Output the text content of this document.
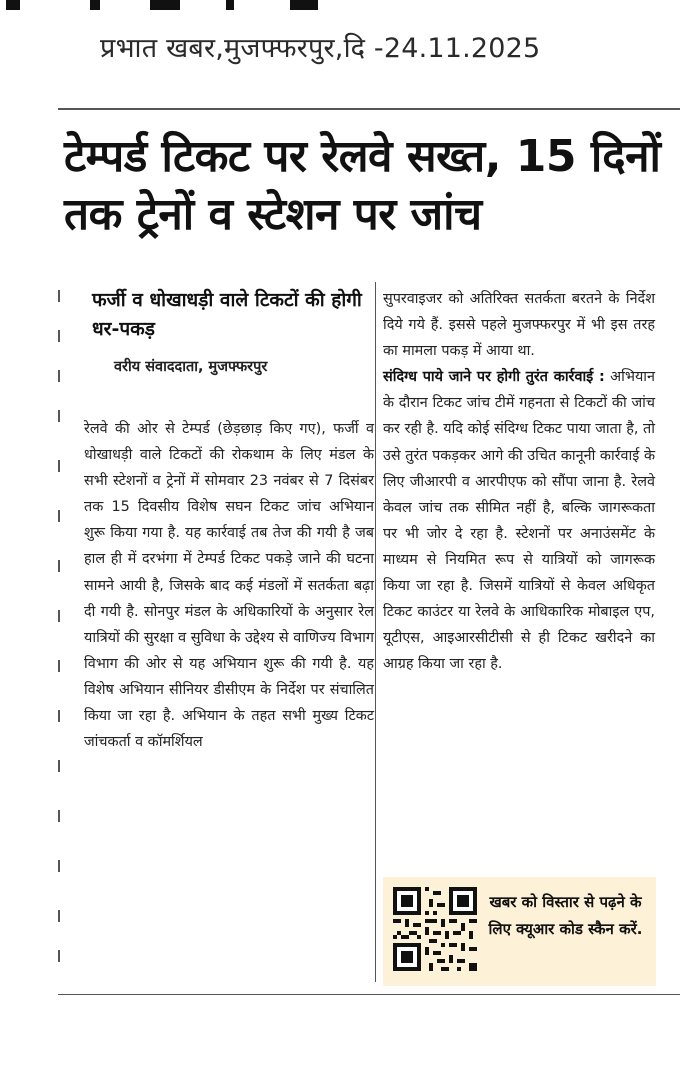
प्रभात खबर,मुजफ्फरपुर,दि -24.11.2025
टेम्पर्ड टिकट पर रेलवे सख्त, 15 दिनों तक ट्रेनों व स्टेशन पर जांच
फर्जी व धोखाधड़ी वाले टिकटों की होगी धर-पकड़
वरीय संवाददाता, मुजफ्फरपुर
रेलवे की ओर से टेम्पर्ड (छेड़छाड़ किए गए), फर्जी व धोखाधड़ी वाले टिकटों की रोकथाम के लिए मंडल के सभी स्टेशनों व ट्रेनों में सोमवार 23 नवंबर से 7 दिसंबर तक 15 दिवसीय विशेष सघन टिकट जांच अभियान शुरू किया गया है. यह कार्रवाई तब तेज की गयी है जब हाल ही में दरभंगा में टेम्पर्ड टिकट पकड़े जाने की घटना सामने आयी है, जिसके बाद कई मंडलों में सतर्कता बढ़ा दी गयी है. सोनपुर मंडल के अधिकारियों के अनुसार रेल यात्रियों की सुरक्षा व सुविधा के उद्देश्य से वाणिज्य विभाग विभाग की ओर से यह अभियान शुरू की गयी है. यह विशेष अभियान सीनियर डीसीएम के निर्देश पर संचालित किया जा रहा है. अभियान के तहत सभी मुख्य टिकट जांचकर्ता व कॉमर्शियल
सुपरवाइजर को अतिरिक्त सतर्कता बरतने के निर्देश दिये गये हैं. इससे पहले मुजफ्फरपुर में भी इस तरह का मामला पकड़ में आया था.
संदिग्ध पाये जाने पर होगी तुरंत कार्रवाई : अभियान के दौरान टिकट जांच टीमें गहनता से टिकटों की जांच कर रही है. यदि कोई संदिग्ध टिकट पाया जाता है, तो उसे तुरंत पकड़कर आगे की उचित कानूनी कार्रवाई के लिए जीआरपी व आरपीएफ को सौंपा जाना है. रेलवे केवल जांच तक सीमित नहीं है, बल्कि जागरूकता पर भी जोर दे रहा है. स्टेशनों पर अनाउंसमेंट के माध्यम से नियमित रूप से यात्रियों को जागरूक किया जा रहा है. जिसमें यात्रियों से केवल अधिकृत टिकट काउंटर या रेलवे के आधिकारिक मोबाइल एप, यूटीएस, आइआरसीटीसी से ही टिकट खरीदने का आग्रह किया जा रहा है.
खबर को विस्तार से पढ़ने के लिए क्यूआर कोड स्कैन करें.
